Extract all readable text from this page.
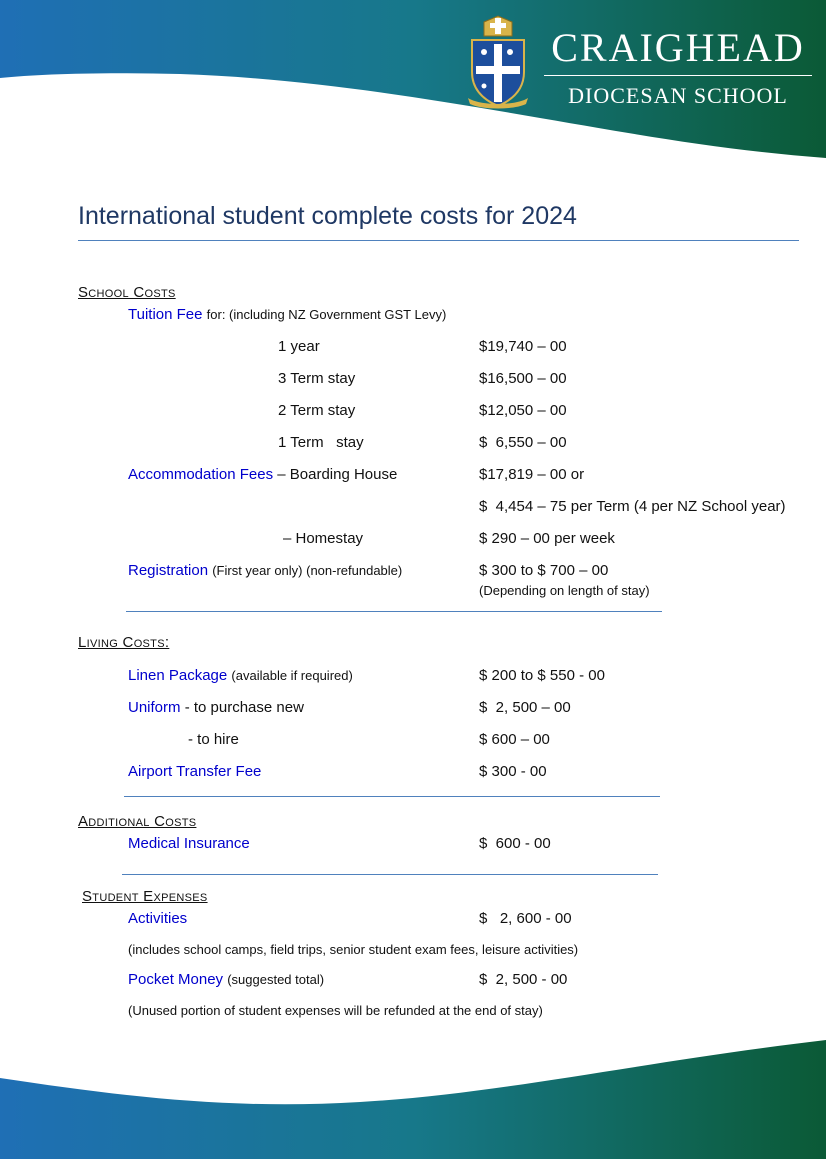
CRAIGHEAD
DIOCESAN SCHOOL
International student complete costs for 2024
School Costs
Tuition Fee for: (including NZ Government GST Levy)
1 year	$19,740 – 00
3 Term stay	$16,500 – 00
2 Term stay	$12,050 – 00
1 Term   stay	$  6,550 – 00
Accommodation Fees – Boarding House	$17,819 – 00 or
$  4,454 – 75 per Term (4 per NZ School year)
– Homestay	$ 290 – 00 per week
Registration (First year only) (non-refundable)	$ 300 to $ 700 – 00
(Depending on length of stay)
Living Costs:
Linen Package (available if required)	$ 200 to $ 550 - 00
Uniform - to purchase new	$  2, 500 – 00
- to hire	$ 600 – 00
Airport Transfer Fee	$ 300 - 00
Additional Costs
Medical Insurance	$  600 - 00
Student Expenses
Activities	$   2, 600 - 00
(includes school camps, field trips, senior student exam fees, leisure activities)
Pocket Money (suggested total)	$  2, 500 - 00
(Unused portion of student expenses will be refunded at the end of stay)
